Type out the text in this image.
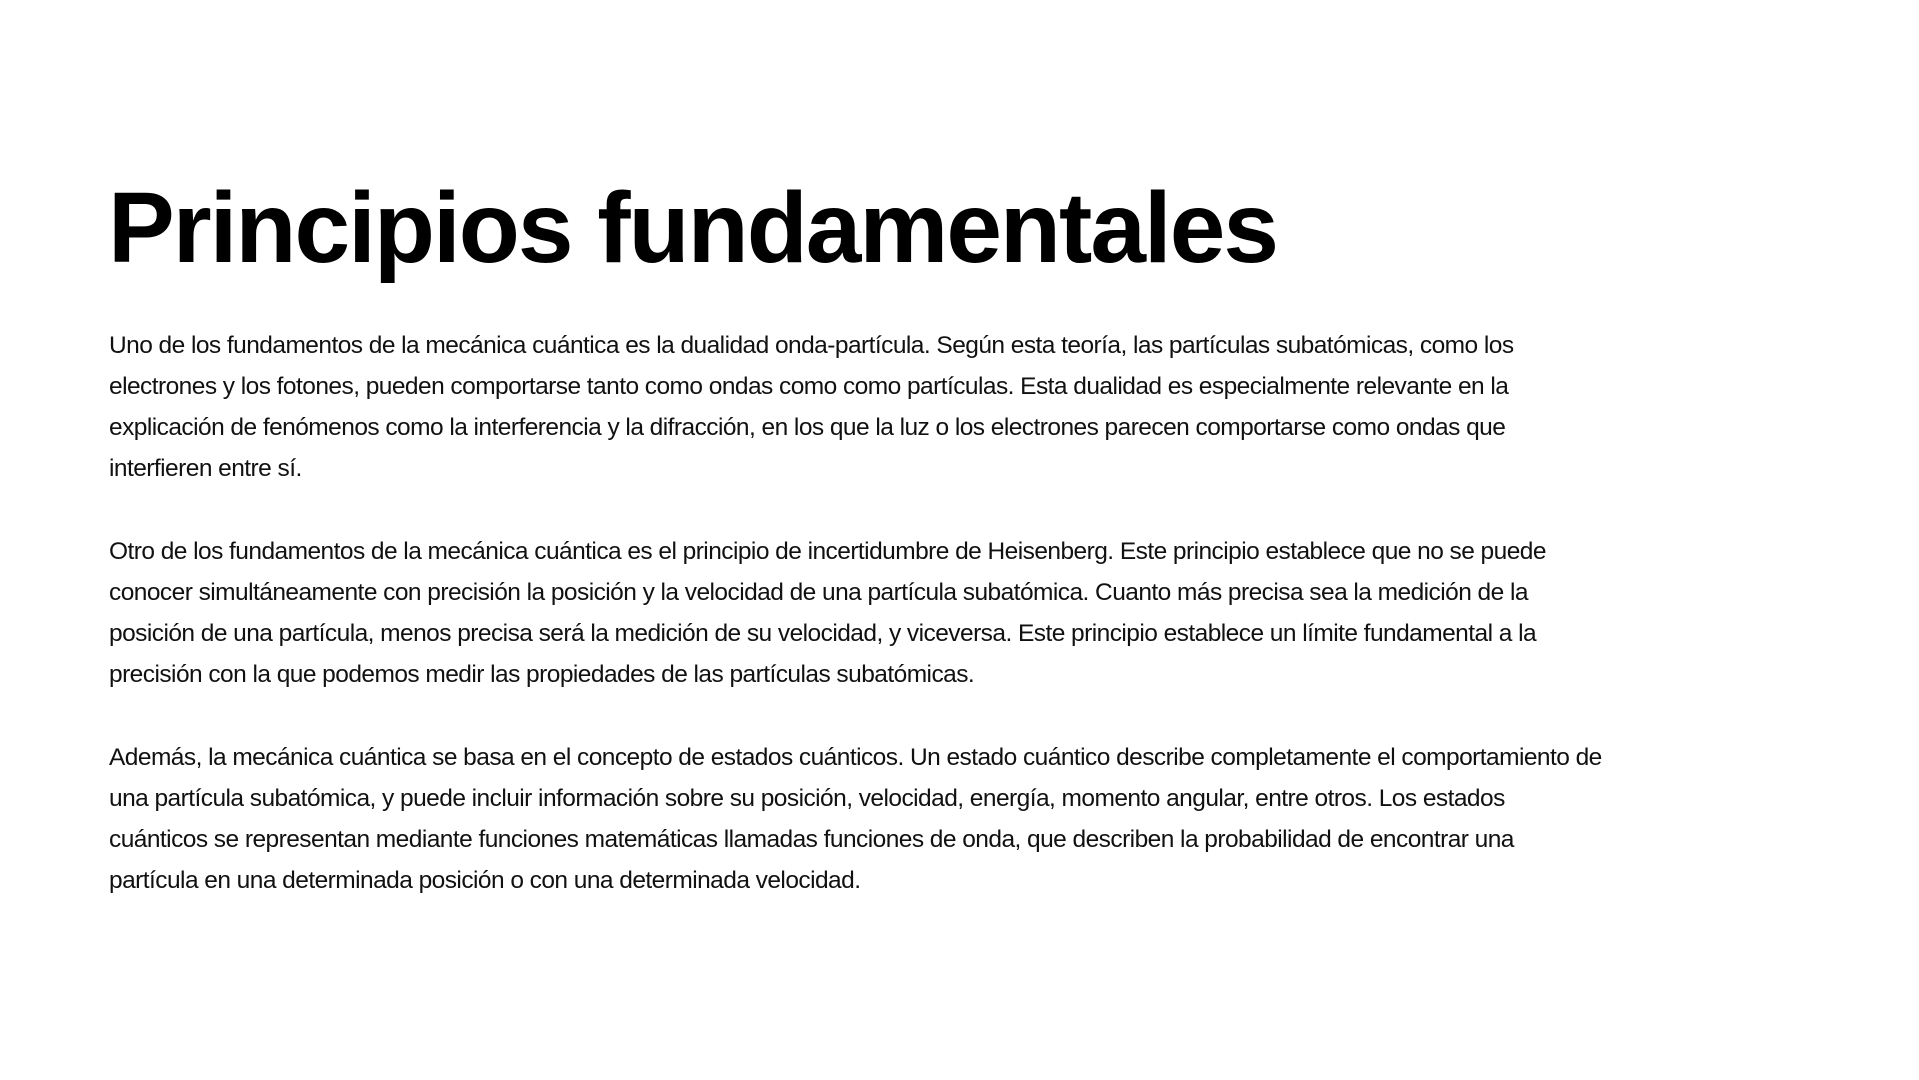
Principios fundamentales

Uno de los fundamentos de la mecánica cuántica es la dualidad onda-partícula. Según esta teoría, las partículas subatómicas, como los
electrones y los fotones, pueden comportarse tanto como ondas como como partículas. Esta dualidad es especialmente relevante en la
explicación de fenómenos como la interferencia y la difracción, en los que la luz o los electrones parecen comportarse como ondas que
interfieren entre sí.

Otro de los fundamentos de la mecánica cuántica es el principio de incertidumbre de Heisenberg. Este principio establece que no se puede
conocer simultáneamente con precisión la posición y la velocidad de una partícula subatómica. Cuanto más precisa sea la medición de la
posición de una partícula, menos precisa será la medición de su velocidad, y viceversa. Este principio establece un límite fundamental a la
precisión con la que podemos medir las propiedades de las partículas subatómicas.

Además, la mecánica cuántica se basa en el concepto de estados cuánticos. Un estado cuántico describe completamente el comportamiento de
una partícula subatómica, y puede incluir información sobre su posición, velocidad, energía, momento angular, entre otros. Los estados
cuánticos se representan mediante funciones matemáticas llamadas funciones de onda, que describen la probabilidad de encontrar una
partícula en una determinada posición o con una determinada velocidad.
